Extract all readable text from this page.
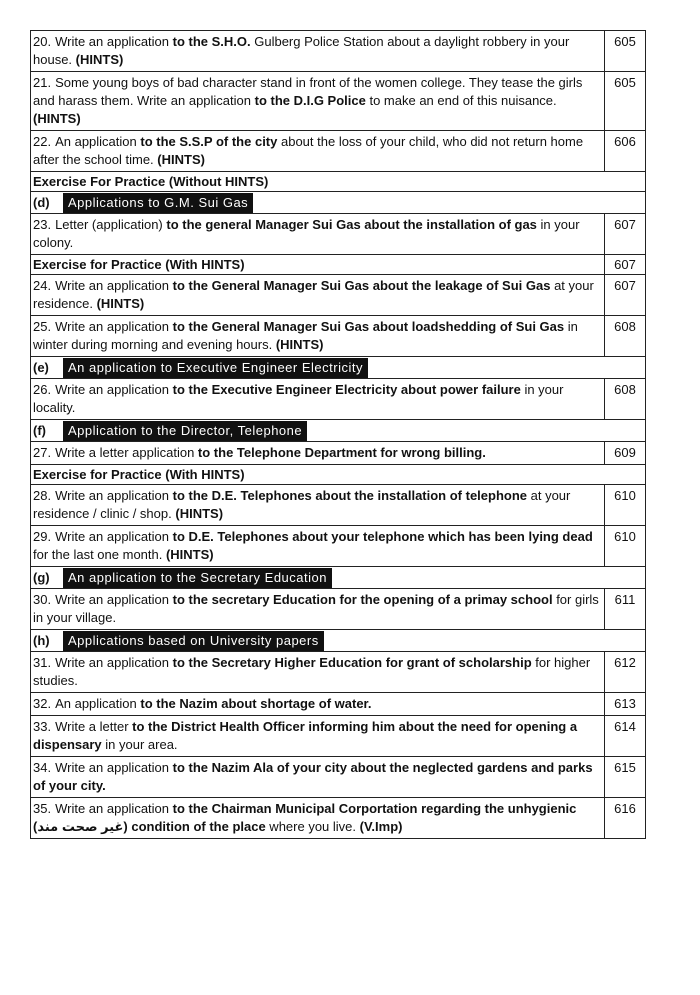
20. Write an application to the S.H.O. Gulberg Police Station about a daylight robbery in your house. (HINTS)
605
21. Some young boys of bad character stand in front of the women college. They tease the girls and harass them. Write an application to the D.I.G Police to make an end of this nuisance. (HINTS)
605
22. An application to the S.S.P of the city about the loss of your child, who did not return home after the school time. (HINTS)
606
Exercise For Practice (Without HINTS)
(d)	Applications to G.M. Sui Gas
23. Letter (application) to the general Manager Sui Gas about the installation of gas in your colony.
607
Exercise for Practice (With HINTS)	607
24. Write an application to the General Manager Sui Gas about the leakage of Sui Gas at your residence. (HINTS)
607
25. Write an application to the General Manager Sui Gas about loadshedding of Sui Gas in winter during morning and evening hours. (HINTS)
608
(e)	An application to Executive Engineer Electricity
26. Write an application to the Executive Engineer Electricity about power failure in your locality.
608
(f)	Application to the Director, Telephone
27. Write a letter application to the Telephone Department for wrong billing.	609
Exercise for Practice (With HINTS)
28. Write an application to the D.E. Telephones about the installation of telephone at your residence / clinic / shop. (HINTS)
610
29. Write an application to D.E. Telephones about your telephone which has been lying dead for the last one month. (HINTS)
610
(g)	An application to the Secretary Education
30. Write an application to the secretary Education for the opening of a primay school for girls in your village.
611
(h)	Applications based on University papers
31. Write an application to the Secretary Higher Education for grant of scholarship for higher studies.
612
32. An application to the Nazim about shortage of water.	613
33. Write a letter to the District Health Officer informing him about the need for opening a dispensary in your area.
614
34. Write an application to the Nazim Ala of your city about the neglected gardens and parks of your city.
615
35. Write an application to the Chairman Municipal Corportation regarding the unhygienic (غیر صحت مند) condition of the place where you live. (V.Imp)
616
